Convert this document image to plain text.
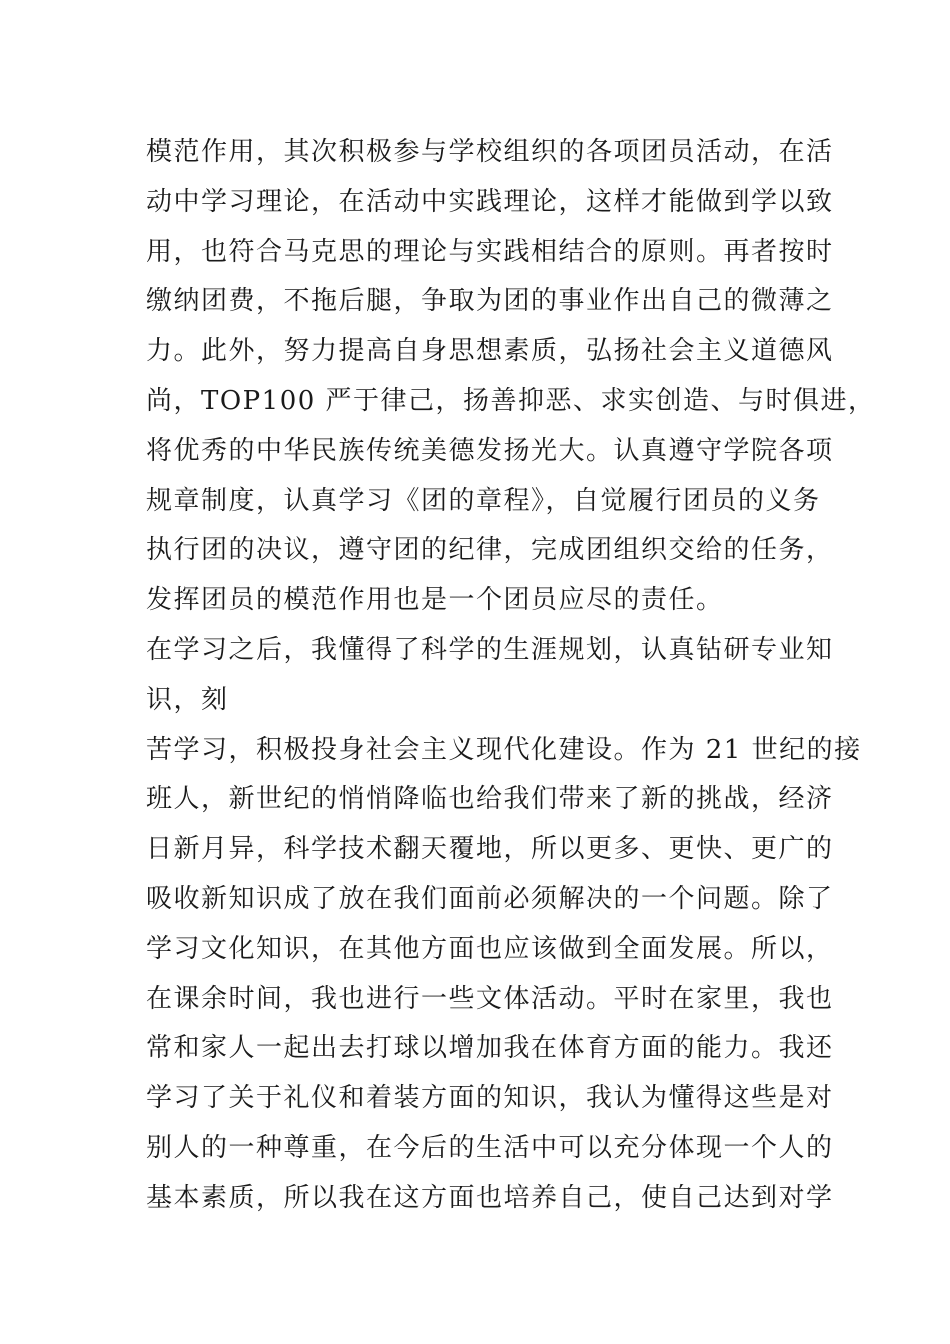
模范作用，其次积极参与学校组织的各项团员活动，在活
动中学习理论，在活动中实践理论，这样才能做到学以致
用，也符合马克思的理论与实践相结合的原则。再者按时
缴纳团费，不拖后腿，争取为团的事业作出自己的微薄之
力。此外，努力提高自身思想素质，弘扬社会主义道德风
尚，TOP100 严于律己，扬善抑恶、求实创造、与时俱进，
将优秀的中华民族传统美德发扬光大。认真遵守学院各项
规章制度，认真学习《团的章程》，自觉履行团员的义务
执行团的决议，遵守团的纪律，完成团组织交给的任务，
发挥团员的模范作用也是一个团员应尽的责任。
在学习之后，我懂得了科学的生涯规划，认真钻研专业知
识，刻
苦学习，积极投身社会主义现代化建设。作为 21 世纪的接
班人，新世纪的悄悄降临也给我们带来了新的挑战，经济
日新月异，科学技术翻天覆地，所以更多、更快、更广的
吸收新知识成了放在我们面前必须解决的一个问题。除了
学习文化知识，在其他方面也应该做到全面发展。所以，
在课余时间，我也进行一些文体活动。平时在家里，我也
常和家人一起出去打球以增加我在体育方面的能力。我还
学习了关于礼仪和着装方面的知识，我认为懂得这些是对
别人的一种尊重，在今后的生活中可以充分体现一个人的
基本素质，所以我在这方面也培养自己，使自己达到对学
